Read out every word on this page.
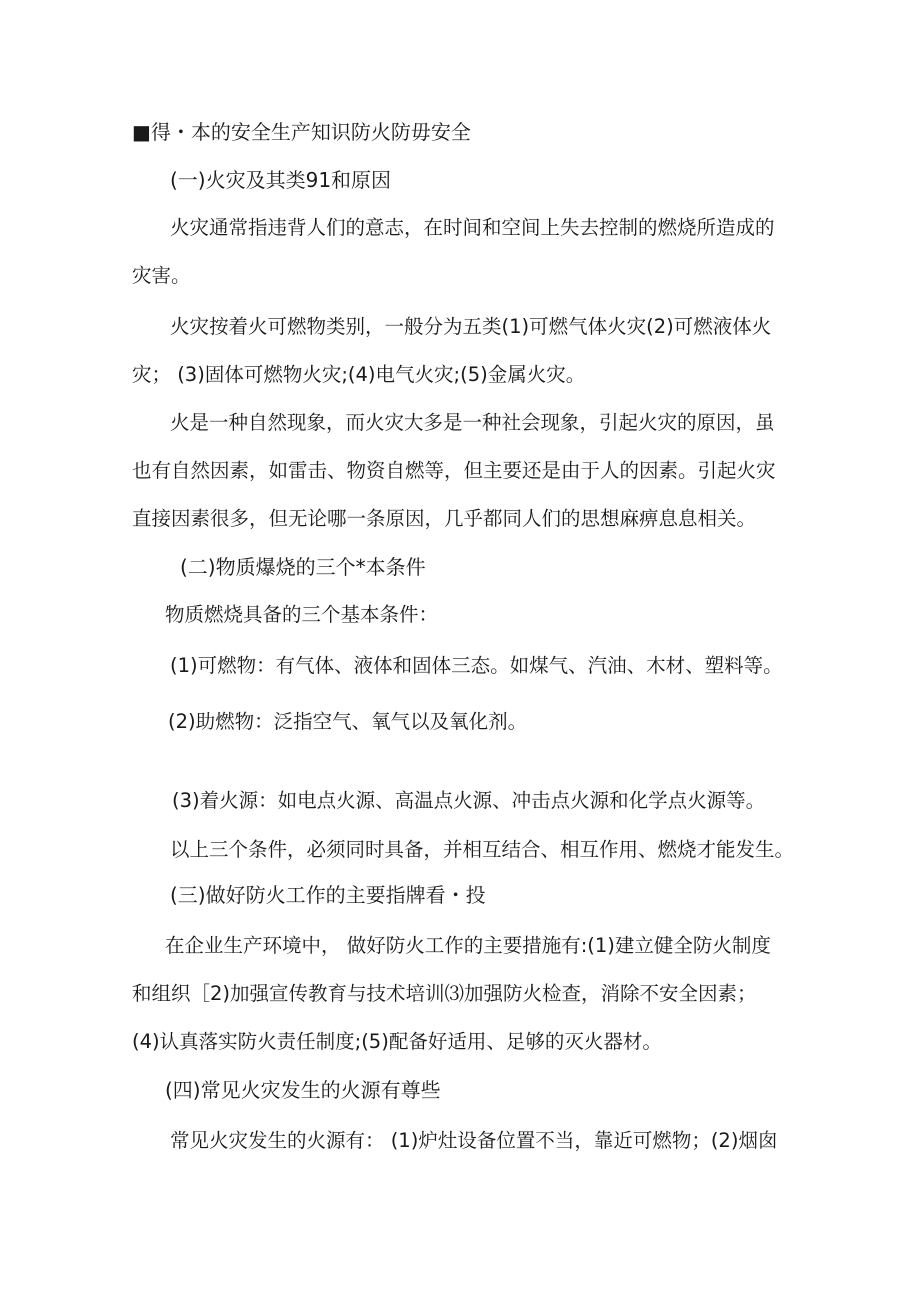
■得・本的安全生产知识防火防毋安全
(一)火灾及其类91和原因
火灾通常指违背人们的意志，在时间和空间上失去控制的燃烧所造成的
灾害。
火灾按着火可燃物类别，一般分为五类(1)可燃气体火灾(2)可燃液体火
灾； (3)固体可燃物火灾;(4)电气火灾;(5)金属火灾。
火是一种自然现象，而火灾大多是一种社会现象，引起火灾的原因，虽
也有自然因素，如雷击、物资自燃等，但主要还是由于人的因素。引起火灾
直接因素很多，但无论哪一条原因，几乎都同人们的思想麻痹息息相关。
(二)物质爆烧的三个*本条件
物质燃烧具备的三个基本条件：
(1)可燃物：有气体、液体和固体三态。如煤气、汽油、木材、塑料等。
(2)助燃物：泛指空气、氧气以及氧化剂。
(3)着火源：如电点火源、高温点火源、冲击点火源和化学点火源等。
以上三个条件，必须同时具备，并相互结合、相互作用、燃烧才能发生。
(三)做好防火工作的主要指牌看・投
在企业生产环境中， 做好防火工作的主要措施有:(1)建立健全防火制度
和组织［2)加强宣传教育与技术培训⑶加强防火检查，消除不安全因素；
(4)认真落实防火责任制度;(5)配备好适用、足够的灭火器材。
(四)常见火灾发生的火源有尊些
常见火灾发生的火源有： (1)炉灶设备位置不当，靠近可燃物；(2)烟囱
